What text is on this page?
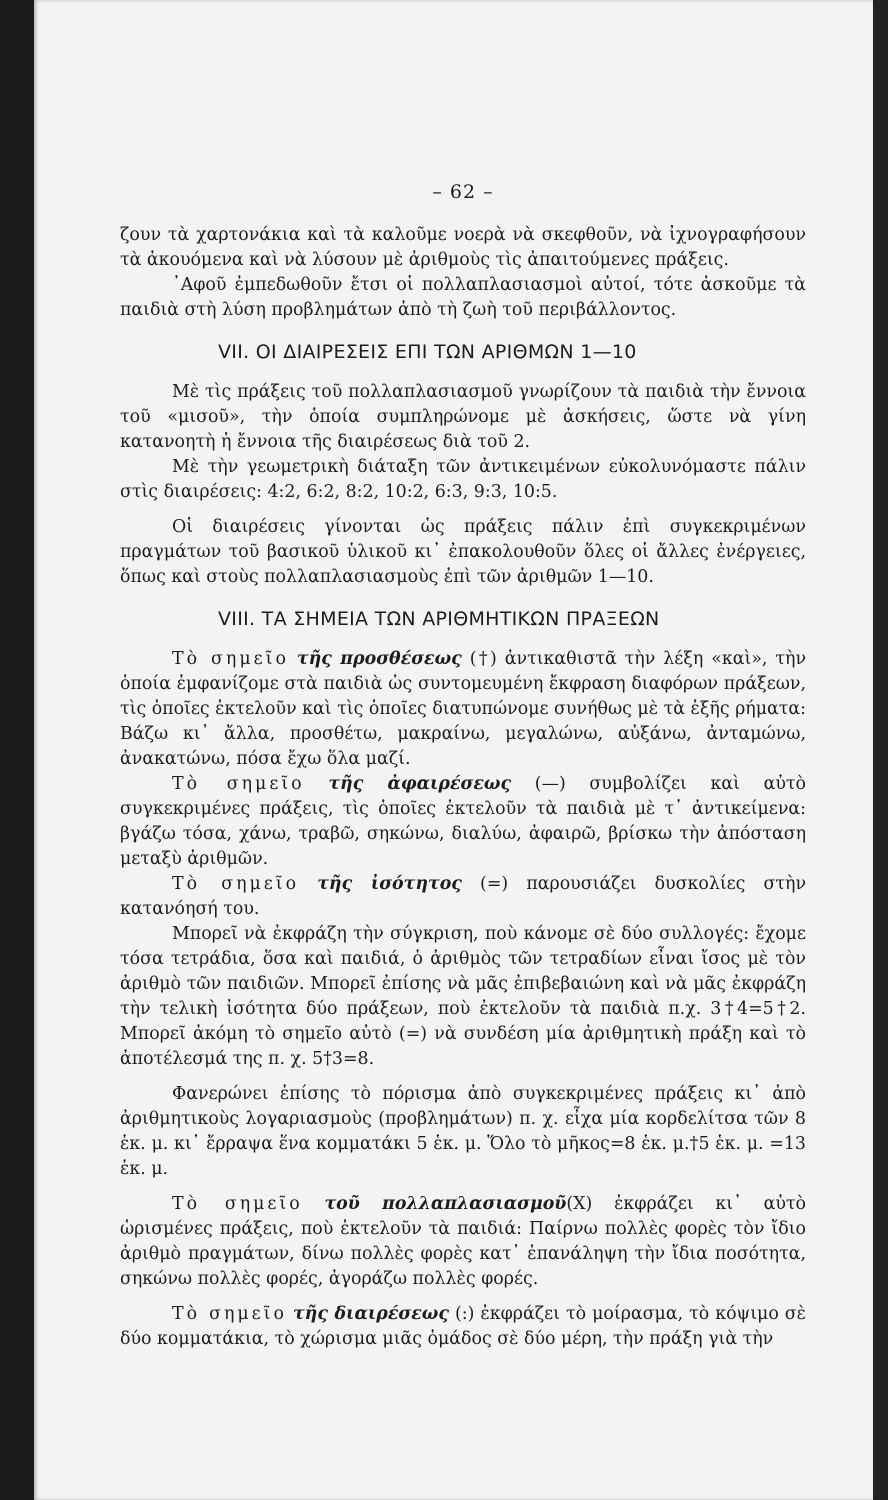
– 62 –

ζουν τὰ χαρτονάκια καὶ τὰ καλοῦμε νοερὰ νὰ σκεφθοῦν, νὰ ἰχνογραφήσουν τὰ ἀκουόμενα καὶ νὰ λύσουν μὲ ἀριθμοὺς τὶς ἀπαιτούμενες πράξεις.

᾿Αφοῦ ἐμπεδωθοῦν ἔτσι οἱ πολλαπλασιασμοὶ αὐτοί, τότε ἀσκοῦμε τὰ παιδιὰ στὴ λύση προβλημάτων ἀπὸ τὴ ζωὴ τοῦ περιβάλλοντος.

VII. ΟΙ ΔΙΑΙΡΕΣΕΙΣ ΕΠΙ ΤΩΝ ΑΡΙΘΜΩΝ 1—10

Μὲ τὶς πράξεις τοῦ πολλαπλασιασμοῦ γνωρίζουν τὰ παιδιὰ τὴν ἔννοια τοῦ «μισοῦ», τὴν ὁποία συμπληρώνομε μὲ ἀσκήσεις, ὥστε νὰ γίνη κατανοητὴ ἡ ἔννοια τῆς διαιρέσεως διὰ τοῦ 2.

Μὲ τὴν γεωμετρικὴ διάταξη τῶν ἀντικειμένων εὐκολυνόμαστε πάλιν στὶς διαιρέσεις: 4:2, 6:2, 8:2, 10:2, 6:3, 9:3, 10:5.

Οἱ διαιρέσεις γίνονται ὡς πράξεις πάλιν ἐπὶ συγκεκριμένων πραγμάτων τοῦ βασικοῦ ὑλικοῦ κι᾿ ἐπακολουθοῦν ὅλες οἱ ἄλλες ἐνέργειες, ὅπως καὶ στοὺς πολλαπλασιασμοὺς ἐπὶ τῶν ἀριθμῶν 1—10.

VIII. ΤΑ ΣΗΜΕΙΑ ΤΩΝ ΑΡΙΘΜΗΤΙΚΩΝ ΠΡΑΞΕΩΝ

Τὸ σημεῖο τῆς προσθέσεως (†) ἀντικαθιστᾶ τὴν λέξη «καὶ», τὴν ὁποία ἐμφανίζομε στὰ παιδιὰ ὡς συντομευμένη ἔκφραση διαφόρων πράξεων, τὶς ὁποῖες ἐκτελοῦν καὶ τὶς ὁποῖες διατυπώνομε συνήθως μὲ τὰ ἑξῆς ρήματα: Βάζω κι᾿ ἄλλα, προσθέτω, μακραίνω, μεγαλώνω, αὐξάνω, ἀνταμώνω, ἀνακατώνω, πόσα ἔχω ὅλα μαζί.

Τὸ σημεῖο τῆς ἀφαιρέσεως (—) συμβολίζει καὶ αὐτὸ συγκεκριμένες πράξεις, τὶς ὁποῖες ἐκτελοῦν τὰ παιδιὰ μὲ τ᾿ ἀντικείμενα: βγάζω τόσα, χάνω, τραβῶ, σηκώνω, διαλύω, ἀφαιρῶ, βρίσκω τὴν ἀπόσταση μεταξὺ ἀριθμῶν.

Τὸ σημεῖο τῆς ἰσότητος (=) παρουσιάζει δυσκολίες στὴν κατανόησή του.

Μπορεῖ νὰ ἐκφράζη τὴν σύγκριση, ποὺ κάνομε σὲ δύο συλλογές: ἔχομε τόσα τετράδια, ὅσα καὶ παιδιά, ὁ ἀριθμὸς τῶν τετραδίων εἶναι ἴσος μὲ τὸν ἀριθμὸ τῶν παιδιῶν. Μπορεῖ ἐπίσης νὰ μᾶς ἐπιβεβαιώνη καὶ νὰ μᾶς ἐκφράζη τὴν τελικὴ ἰσότητα δύο πράξεων, ποὺ ἐκτελοῦν τὰ παιδιὰ π.χ. 3†4=5†2. Μπορεῖ ἀκόμη τὸ σημεῖο αὐτὸ (=) νὰ συνδέση μία ἀριθμητικὴ πράξη καὶ τὸ ἀποτέλεσμά της π. χ. 5†3=8.

Φανερώνει ἐπίσης τὸ πόρισμα ἀπὸ συγκεκριμένες πράξεις κι᾿ ἀπὸ ἀριθμητικοὺς λογαριασμοὺς (προβλημάτων) π. χ. εἶχα μία κορδελίτσα τῶν 8 ἑκ. μ. κι᾿ ἔρραψα ἕνα κομματάκι 5 ἑκ. μ. Ὅλο τὸ μῆκος=8 ἑκ. μ.†5 ἑκ. μ. =13 ἑκ. μ.

Τὸ σημεῖο τοῦ πολλαπλασιασμοῦ(X) ἐκφράζει κι᾿ αὐτὸ ὡρισμένες πράξεις, ποὺ ἐκτελοῦν τὰ παιδιά: Παίρνω πολλὲς φορὲς τὸν ἴδιο ἀριθμὸ πραγμάτων, δίνω πολλὲς φορὲς κατ᾿ ἐπανάληψη τὴν ἴδια ποσότητα, σηκώνω πολλὲς φορές, ἀγοράζω πολλὲς φορές.

Τὸ σημεῖο τῆς διαιρέσεως (:) ἐκφράζει τὸ μοίρασμα, τὸ κόψιμο σὲ δύο κομματάκια, τὸ χώρισμα μιᾶς ὁμάδος σὲ δύο μέρη, τὴν πράξη γιὰ τὴν
